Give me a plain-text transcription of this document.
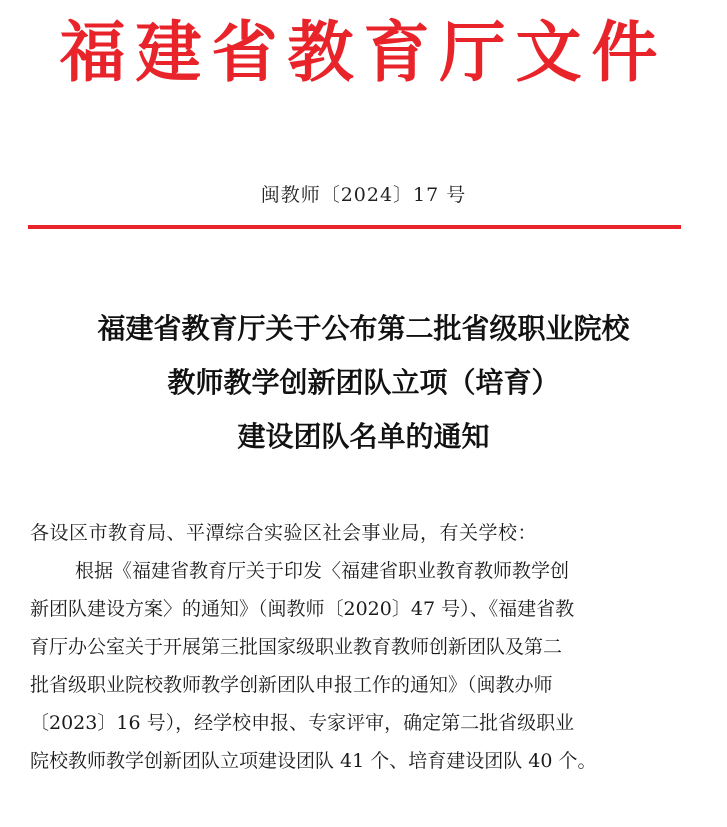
福建省教育厅文件
闽教师〔2024〕17 号
福建省教育厅关于公布第二批省级职业院校
教师教学创新团队立项（培育）
建设团队名单的通知
各设区市教育局、平潭综合实验区社会事业局，有关学校：
根据《福建省教育厅关于印发〈福建省职业教育教师教学创
新团队建设方案〉的通知》（闽教师〔2020〕47 号）、《福建省教
育厅办公室关于开展第三批国家级职业教育教师创新团队及第二
批省级职业院校教师教学创新团队申报工作的通知》（闽教办师
〔2023〕16 号），经学校申报、专家评审，确定第二批省级职业
院校教师教学创新团队立项建设团队 41 个、培育建设团队 40 个。
